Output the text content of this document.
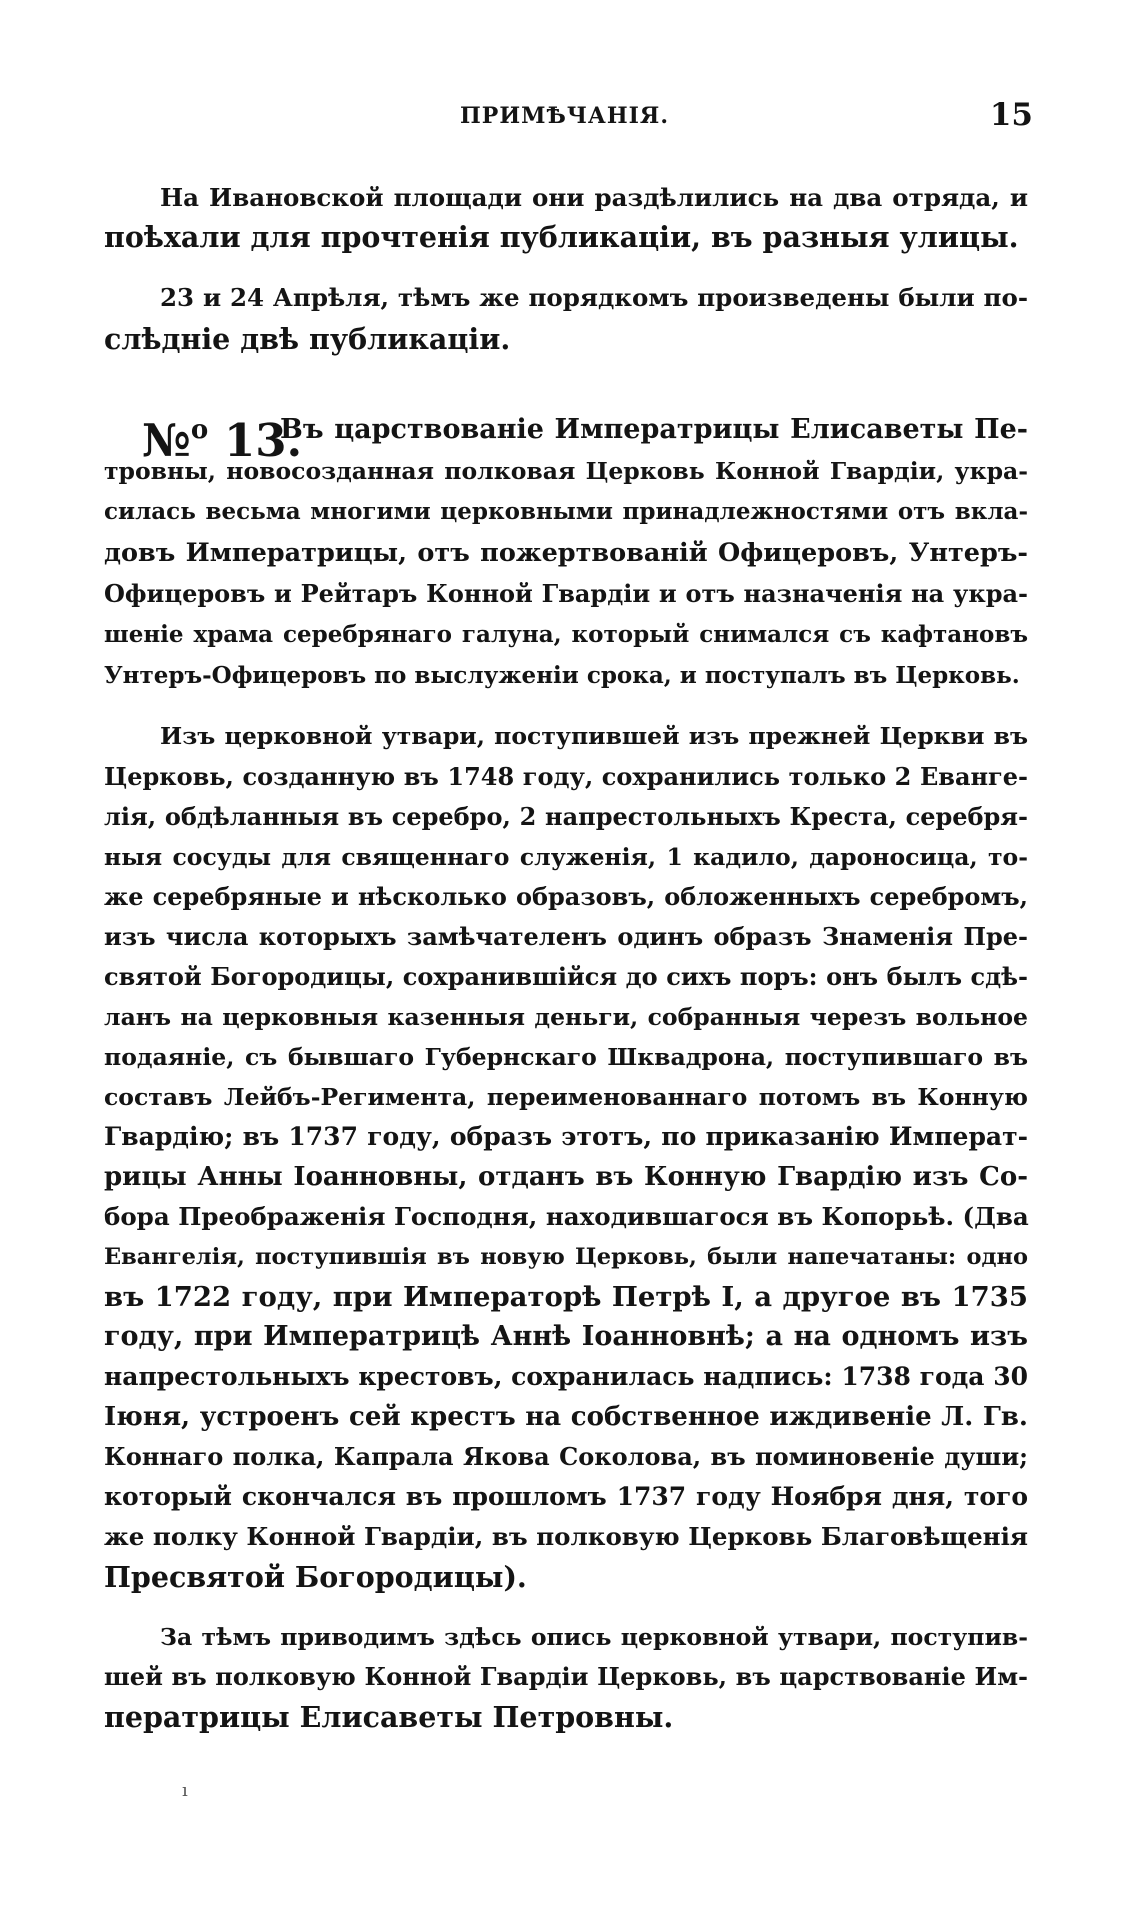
ПРИМѢЧАНІЯ.	15
На Ивановской площади они раздѣлились на два отряда, и
поѣхали для прочтенія публикаціи, въ разныя улицы.
23 и 24 Апрѣля, тѣмъ же порядкомъ произведены были по-
слѣдніе двѣ публикаціи.
№$^о$ 13.
Въ царствованіе Императрицы Елисаветы Пе-
тровны, новосозданная полковая Церковь Конной Гвардіи, укра-
силась весьма многими церковными принадлежностями отъ вкла-
довъ Императрицы, отъ пожертвованій Офицеровъ, Унтеръ-
Офицеровъ и Рейтаръ Конной Гвардіи и отъ назначенія на укра-
шеніе храма серебрянаго галуна, который снимался съ кафтановъ
Унтеръ-Офицеровъ по выслуженіи срока, и поступалъ въ Церковь.
Изъ церковной утвари, поступившей изъ прежней Церкви въ
Церковь, созданную въ 1748 году, сохранились только 2 Еванге-
лія, обдѣланныя въ серебро, 2 напрестольныхъ Креста, серебря-
ныя сосуды для священнаго служенія, 1 кадило, дароносица, то-
же серебряные и нѣсколько образовъ, обложенныхъ серебромъ,
изъ числа которыхъ замѣчателенъ одинъ образъ Знаменія Пре-
святой Богородицы, сохранившійся до сихъ поръ: онъ былъ сдѣ-
ланъ на церковныя казенныя деньги, собранныя черезъ вольное
подаяніе, съ бывшаго Губернскаго Шквадрона, поступившаго въ
составъ Лейбъ-Регимента, переименованнаго потомъ въ Конную
Гвардію; въ 1737 году, образъ этотъ, по приказанію Императ-
рицы Анны Іоанновны, отданъ въ Конную Гвардію изъ Со-
бора Преображенія Господня, находившагося въ Копорьѣ. (Два
Евангелія, поступившія въ новую Церковь, были напечатаны: одно
въ 1722 году, при Императорѣ Петрѣ I, а другое въ 1735
году, при Императрицѣ Аннѣ Іоанновнѣ; а на одномъ изъ
напрестольныхъ крестовъ, сохранилась надпись: 1738 года 30
Іюня, устроенъ сей крестъ на собственное иждивеніе Л. Гв.
Коннаго полка, Капрала Якова Соколова, въ поминовеніе души;
который скончался въ прошломъ 1737 году Ноября дня, того
же полку Конной Гвардіи, въ полковую Церковь Благовѣщенія
Пресвятой Богородицы).
За тѣмъ приводимъ здѣсь опись церковной утвари, поступив-
шей въ полковую Конной Гвардіи Церковь, въ царствованіе Им-
ператрицы Елисаветы Петровны.
ı
